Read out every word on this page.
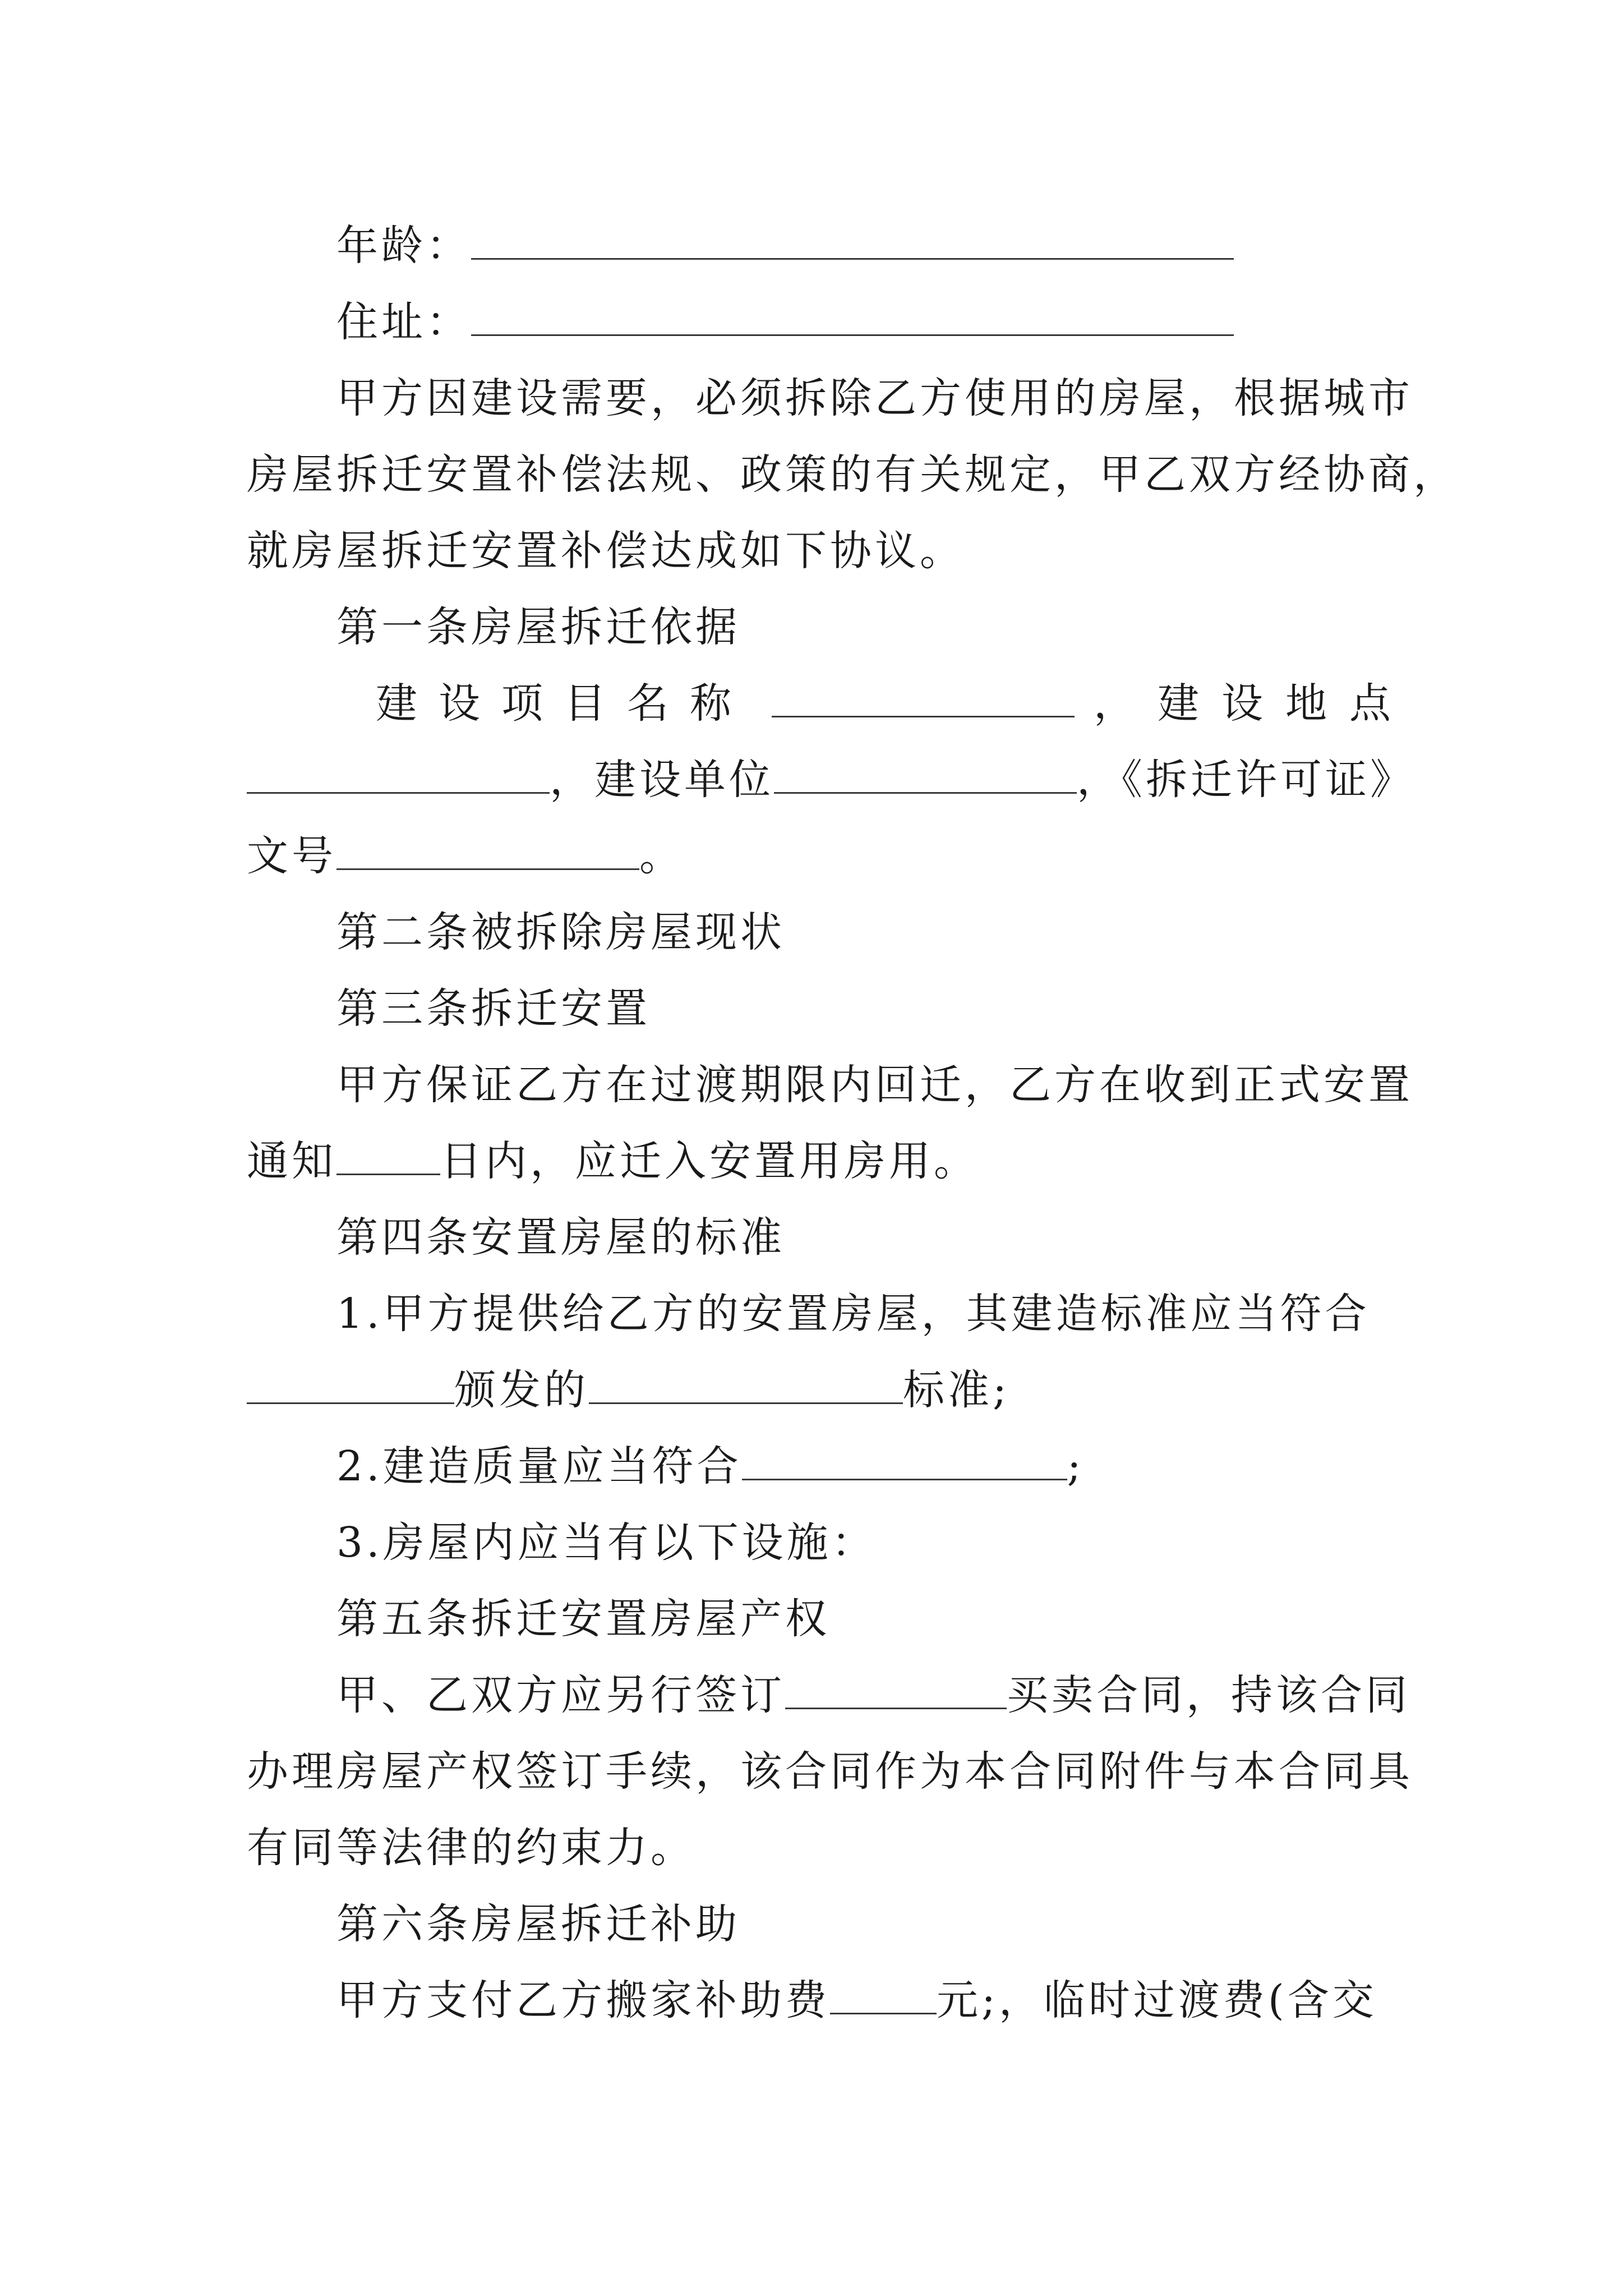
年龄：
住址：
甲方因建设需要，必须拆除乙方使用的房屋，根据城市
房屋拆迁安置补偿法规、政策的有关规定，甲乙双方经协商，
就房屋拆迁安置补偿达成如下协议。
第一条房屋拆迁依据
建设项目名称	， 建设地点
，建设单位	，《拆迁许可证》
文号	。
第二条被拆除房屋现状
第三条拆迁安置
甲方保证乙方在过渡期限内回迁，乙方在收到正式安置
通知	日内，应迁入安置用房用。
第四条安置房屋的标准
1.甲方提供给乙方的安置房屋，其建造标准应当符合
颁发的	标准;
2.建造质量应当符合	;
3.房屋内应当有以下设施：
第五条拆迁安置房屋产权
甲、乙双方应另行签订	买卖合同，持该合同
办理房屋产权签订手续，该合同作为本合同附件与本合同具
有同等法律的约束力。
第六条房屋拆迁补助
甲方支付乙方搬家补助费	元;，临时过渡费(含交
